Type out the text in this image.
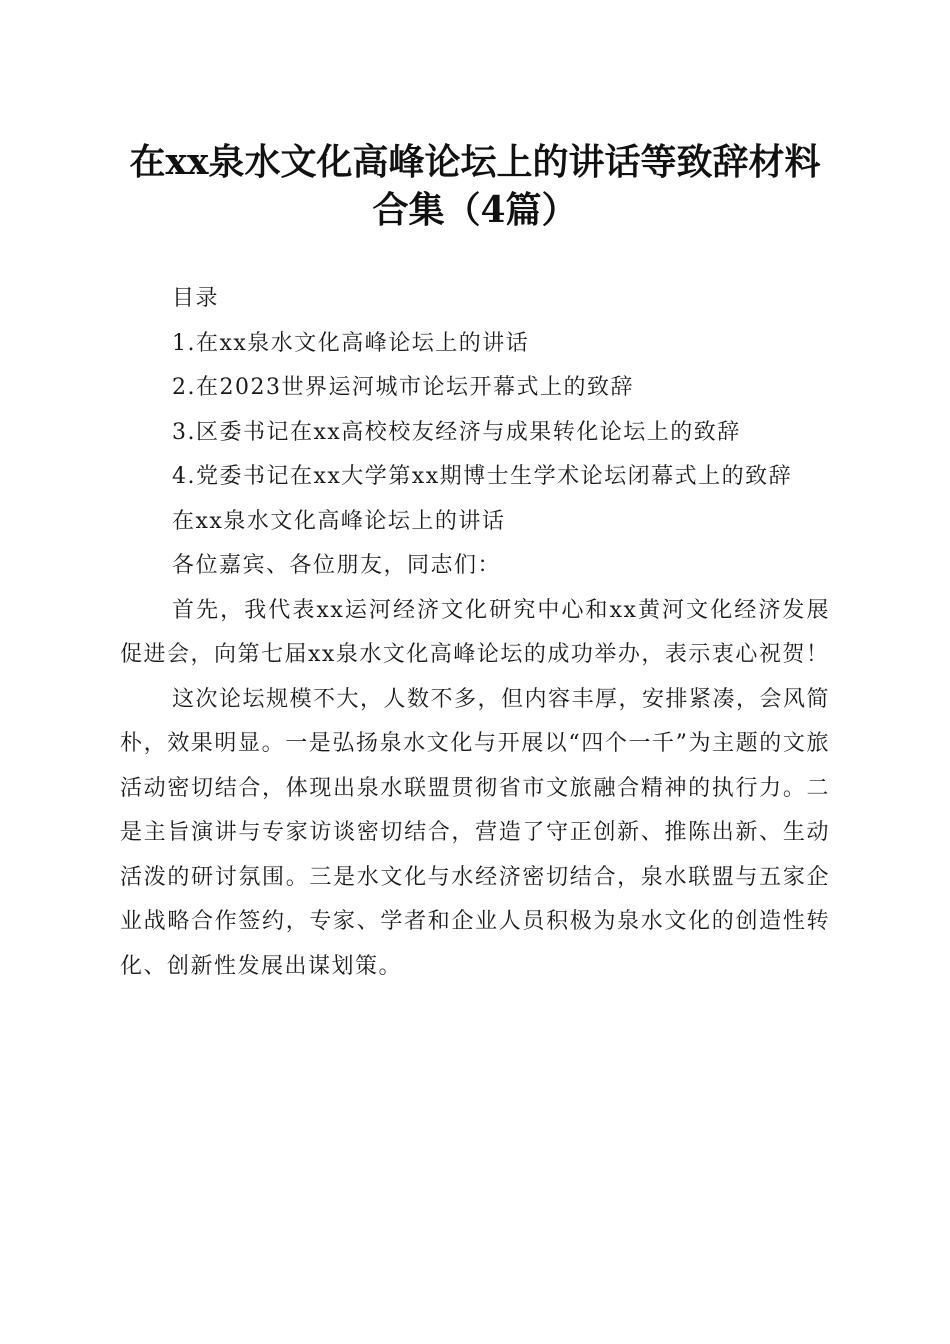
在xx泉水文化高峰论坛上的讲话等致辞材料
合集（4篇）

目录

1.在xx泉水文化高峰论坛上的讲话

2.在2023世界运河城市论坛开幕式上的致辞

3.区委书记在xx高校校友经济与成果转化论坛上的致辞

4.党委书记在xx大学第xx期博士生学术论坛闭幕式上的致辞

在xx泉水文化高峰论坛上的讲话

各位嘉宾、各位朋友，同志们：

首先，我代表xx运河经济文化研究中心和xx黄河文化经济发展促进会，向第七届xx泉水文化高峰论坛的成功举办，表示衷心祝贺！

这次论坛规模不大，人数不多，但内容丰厚，安排紧凑，会风简朴，效果明显。一是弘扬泉水文化与开展以“四个一千”为主题的文旅活动密切结合，体现出泉水联盟贯彻省市文旅融合精神的执行力。二是主旨演讲与专家访谈密切结合，营造了守正创新、推陈出新、生动活泼的研讨氛围。三是水文化与水经济密切结合，泉水联盟与五家企业战略合作签约，专家、学者和企业人员积极为泉水文化的创造性转化、创新性发展出谋划策。
